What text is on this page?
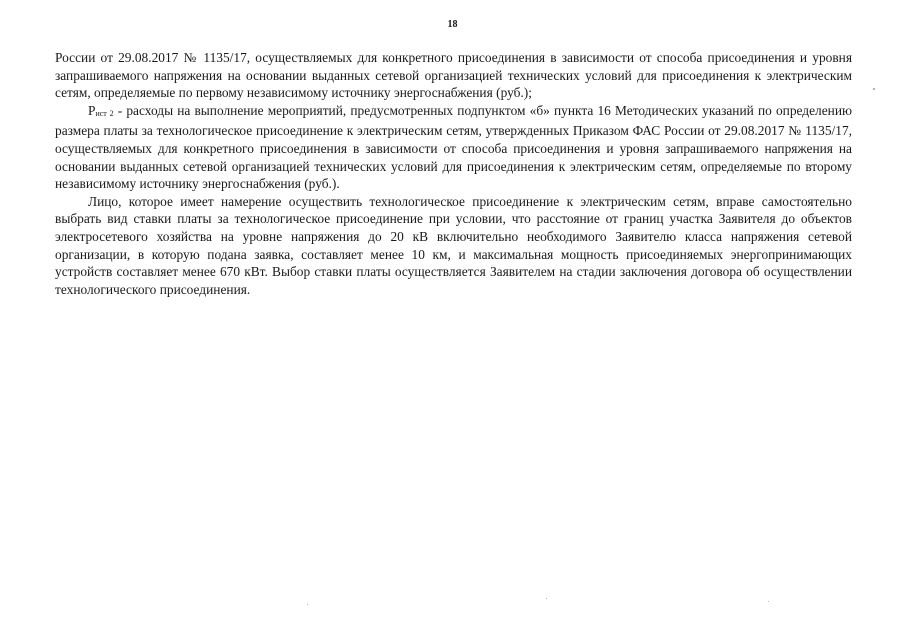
18

России от 29.08.2017 № 1135/17, осуществляемых для конкретного присоединения в зависимости от способа присоединения и уровня запрашиваемого напряжения на основании выданных сетевой организацией технических условий для присоединения к электрическим сетям, определяемые по первому независимому источнику энергоснабжения (руб.);

Pист 2 - расходы на выполнение мероприятий, предусмотренных подпунктом «б» пункта 16 Методических указаний по определению размера платы за технологическое присоединение к электрическим сетям, утвержденных Приказом ФАС России от 29.08.2017 № 1135/17, осуществляемых для конкретного присоединения в зависимости от способа присоединения и уровня запрашиваемого напряжения на основании выданных сетевой организацией технических условий для присоединения к электрическим сетям, определяемые по второму независимому источнику энергоснабжения (руб.).

Лицо, которое имеет намерение осуществить технологическое присоединение к электрическим сетям, вправе самостоятельно выбрать вид ставки платы за технологическое присоединение при условии, что расстояние от границ участка Заявителя до объектов электросетевого хозяйства на уровне напряжения до 20 кВ включительно необходимого Заявителю класса напряжения сетевой организации, в которую подана заявка, составляет менее 10 км, и максимальная мощность присоединяемых энергопринимающих устройств составляет менее 670 кВт. Выбор ставки платы осуществляется Заявителем на стадии заключения договора об осуществлении технологического присоединения.
